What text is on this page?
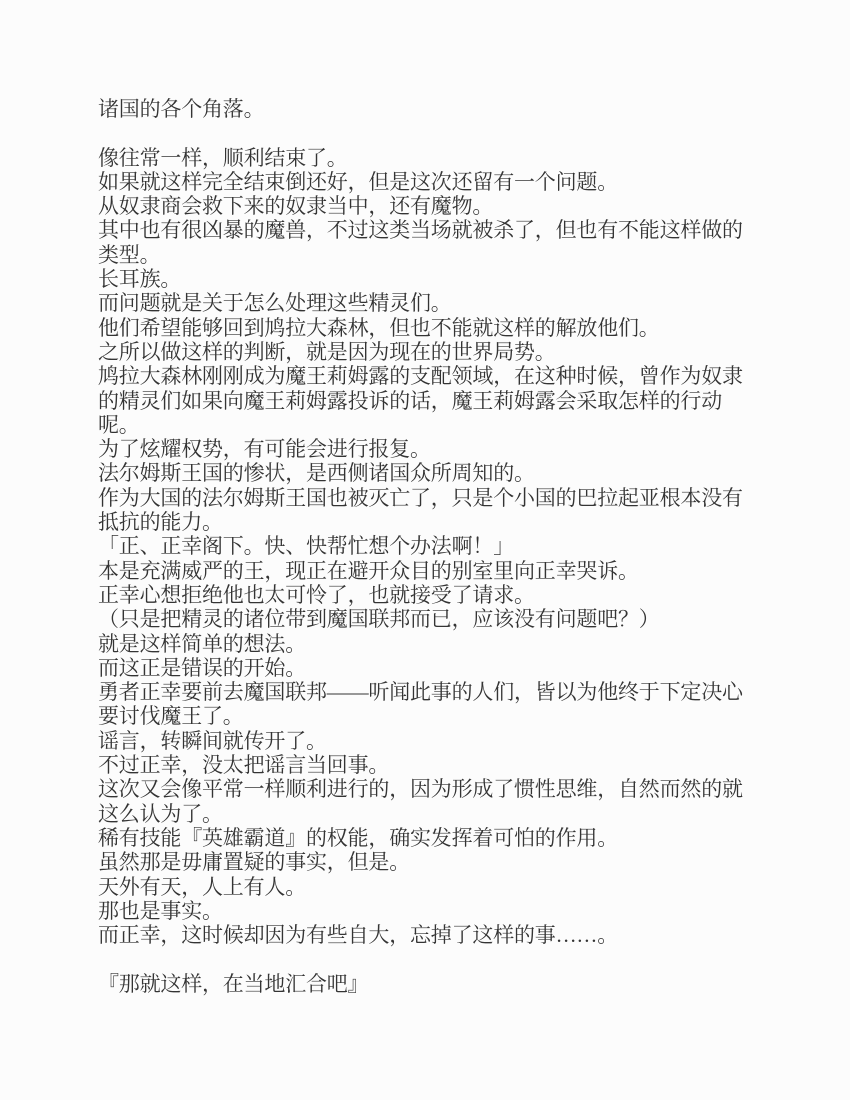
诸国的各个角落。
像往常一样，顺利结束了。
如果就这样完全结束倒还好，但是这次还留有一个问题。
从奴隶商会救下来的奴隶当中，还有魔物。
其中也有很凶暴的魔兽，不过这类当场就被杀了，但也有不能这样做的
类型。
长耳族。
而问题就是关于怎么处理这些精灵们。
他们希望能够回到鸠拉大森林，但也不能就这样的解放他们。
之所以做这样的判断，就是因为现在的世界局势。
鸠拉大森林刚刚成为魔王莉姆露的支配领域，在这种时候，曾作为奴隶
的精灵们如果向魔王莉姆露投诉的话，魔王莉姆露会采取怎样的行动
呢。
为了炫耀权势，有可能会进行报复。
法尔姆斯王国的惨状，是西侧诸国众所周知的。
作为大国的法尔姆斯王国也被灭亡了，只是个小国的巴拉起亚根本没有
抵抗的能力。
「正、正幸阁下。快、快帮忙想个办法啊！」
本是充满威严的王，现正在避开众目的别室里向正幸哭诉。
正幸心想拒绝他也太可怜了，也就接受了请求。
（只是把精灵的诸位带到魔国联邦而已，应该没有问题吧？）
就是这样简单的想法。
而这正是错误的开始。
勇者正幸要前去魔国联邦——听闻此事的人们，皆以为他终于下定决心
要讨伐魔王了。
谣言，转瞬间就传开了。
不过正幸，没太把谣言当回事。
这次又会像平常一样顺利进行的，因为形成了惯性思维，自然而然的就
这么认为了。
稀有技能『英雄霸道』的权能，确实发挥着可怕的作用。
虽然那是毋庸置疑的事实，但是。
天外有天，人上有人。
那也是事实。
而正幸，这时候却因为有些自大，忘掉了这样的事……。
『那就这样，在当地汇合吧』
